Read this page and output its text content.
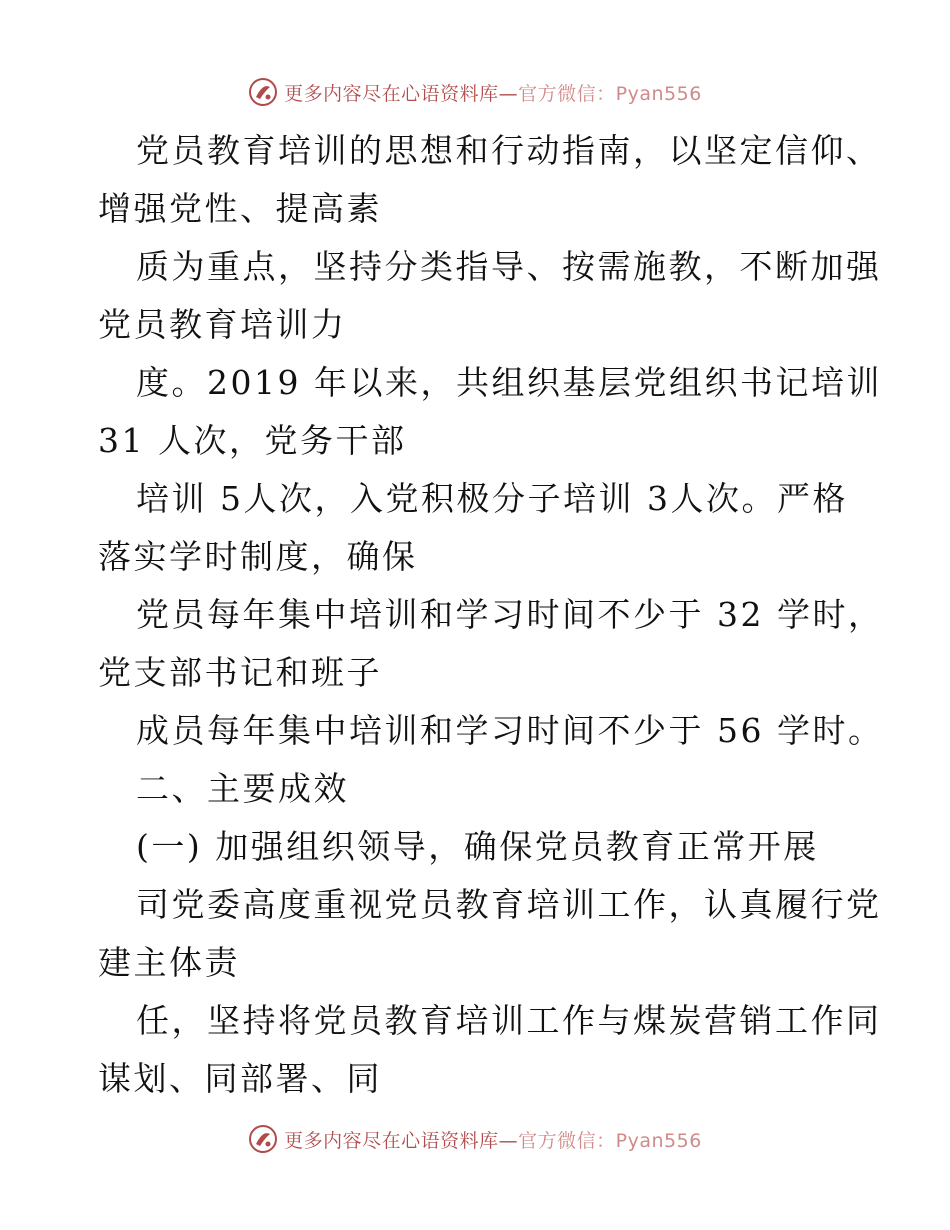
更多内容尽在心语资料库—官方微信：Pyan556
党员教育培训的思想和行动指南，以坚定信仰、
增强党性、提高素
质为重点，坚持分类指导、按需施教，不断加强
党员教育培训力
度。2019 年以来，共组织基层党组织书记培训
31 人次，党务干部
培训 5人次，入党积极分子培训 3人次。严格
落实学时制度，确保
党员每年集中培训和学习时间不少于 32 学时，
党支部书记和班子
成员每年集中培训和学习时间不少于 56 学时。
二、主要成效
(一) 加强组织领导，确保党员教育正常开展
司党委高度重视党员教育培训工作，认真履行党
建主体责
任，坚持将党员教育培训工作与煤炭营销工作同
谋划、同部署、同
更多内容尽在心语资料库—官方微信：Pyan556
